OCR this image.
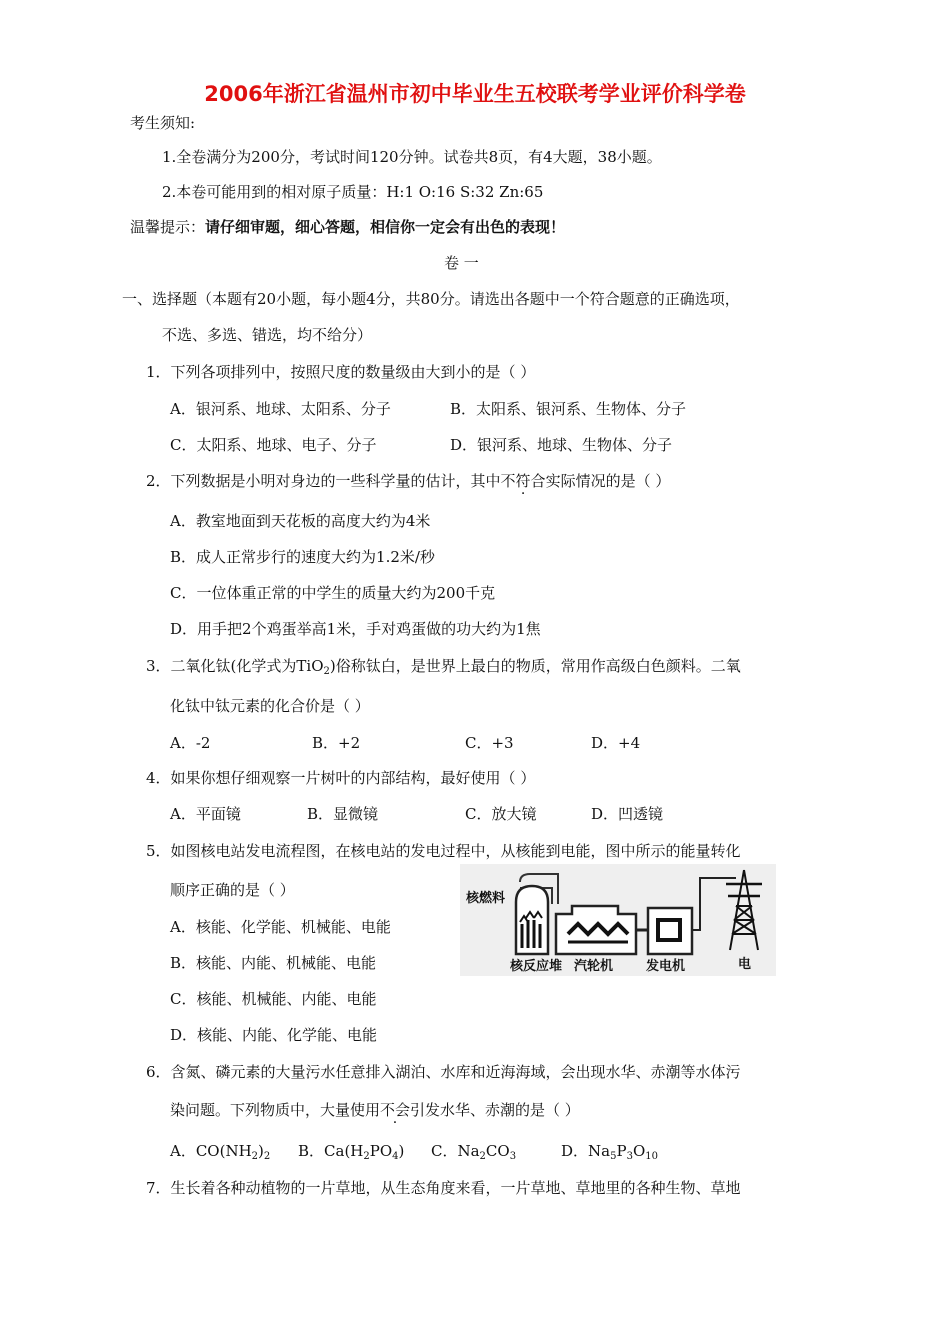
2006年浙江省温州市初中毕业生五校联考学业评价科学卷
考生须知:
1.全卷满分为200分，考试时间120分钟。试卷共8页，有4大题，38小题。
2.本卷可能用到的相对原子质量：H:1 O:16 S:32 Zn:65
温馨提示：请仔细审题，细心答题，相信你一定会有出色的表现！
卷 一
一、选择题（本题有20小题，每小题4分，共80分。请选出各题中一个符合题意的正确选项，
不选、多选、错选，均不给分）
1．下列各项排列中，按照尺度的数量级由大到小的是（ ）
A．银河系、地球、太阳系、分子	B．太阳系、银河系、生物体、分子
C．太阳系、地球、电子、分子	D．银河系、地球、生物体、分子
2．下列数据是小明对身边的一些科学量的估计，其中不符合实际情况的是（ ）
A．教室地面到天花板的高度大约为4米
B．成人正常步行的速度大约为1.2米/秒
C．一位体重正常的中学生的质量大约为200千克
D．用手把2个鸡蛋举高1米，手对鸡蛋做的功大约为1焦
3．二氧化钛(化学式为TiO$_2$)俗称钛白，是世界上最白的物质，常用作高级白色颜料。二氧
化钛中钛元素的化合价是（ ）
A．-2	B．+2	C．+3	D．+4
4．如果你想仔细观察一片树叶的内部结构，最好使用（ ）
A．平面镜	B．显微镜	C．放大镜	D．凹透镜
5．如图核电站发电流程图，在核电站的发电过程中，从核能到电能，图中所示的能量转化
顺序正确的是（ ）
A．核能、化学能、机械能、电能
B．核能、内能、机械能、电能
C．核能、机械能、内能、电能
D．核能、内能、化学能、电能
核燃料
核反应堆 汽轮机	发电机	电
6．含氮、磷元素的大量污水任意排入湖泊、水库和近海海域，会出现水华、赤潮等水体污
染问题。下列物质中，大量使用不会引发水华、赤潮的是（ ）
A．$CO(NH_2)_2$ B．$Ca(H_2PO_4)$ C．$Na_2CO_3$	D．$Na_5P_3O_{10}$
7．生长着各种动植物的一片草地，从生态角度来看，一片草地、草地里的各种生物、草地
